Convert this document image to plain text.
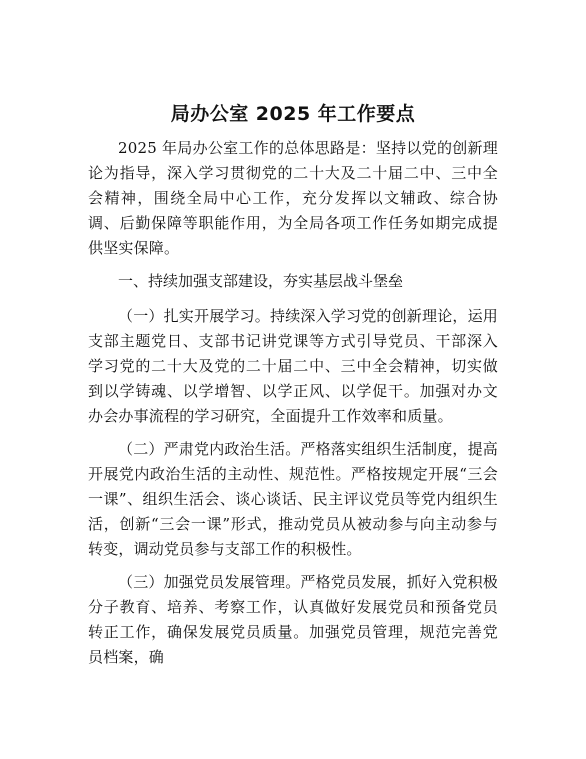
局办公室 2025 年工作要点

2025 年局办公室工作的总体思路是：坚持以党的创新理论为指导，深入学习贯彻党的二十大及二十届二中、三中全会精神，围绕全局中心工作，充分发挥以文辅政、综合协调、后勤保障等职能作用，为全局各项工作任务如期完成提供坚实保障。

一、持续加强支部建设，夯实基层战斗堡垒

（一）扎实开展学习。持续深入学习党的创新理论，运用支部主题党日、支部书记讲党课等方式引导党员、干部深入学习党的二十大及党的二十届二中、三中全会精神，切实做到以学铸魂、以学增智、以学正风、以学促干。加强对办文办会办事流程的学习研究，全面提升工作效率和质量。

（二）严肃党内政治生活。严格落实组织生活制度，提高开展党内政治生活的主动性、规范性。严格按规定开展“三会一课”、组织生活会、谈心谈话、民主评议党员等党内组织生活，创新“三会一课”形式，推动党员从被动参与向主动参与转变，调动党员参与支部工作的积极性。

（三）加强党员发展管理。严格党员发展，抓好入党积极分子教育、培养、考察工作，认真做好发展党员和预备党员转正工作，确保发展党员质量。加强党员管理，规范完善党员档案，确
